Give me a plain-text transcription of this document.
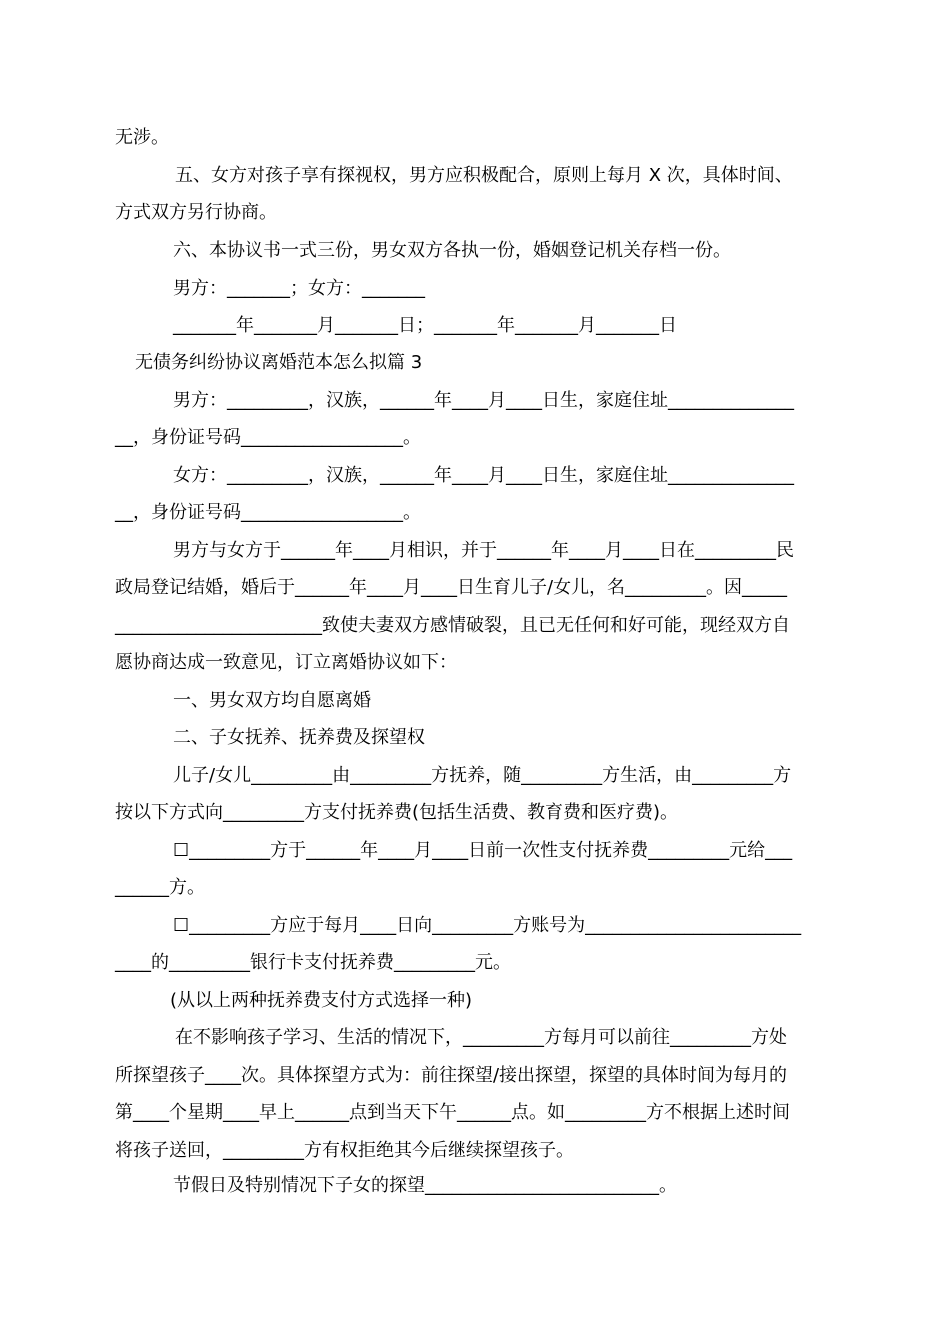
无涉。
五、女方对孩子享有探视权，男方应积极配合，原则上每月 X 次，具体时间、
方式双方另行协商。
六、本协议书一式三份，男女双方各执一份，婚姻登记机关存档一份。
男方：_______；女方：_______
_______年_______月_______日；_______年_______月_______日
无债务纠纷协议离婚范本怎么拟篇 3
男方：_________，汉族，______年____月____日生，家庭住址______________
__，身份证号码__________________。
女方：_________，汉族，______年____月____日生，家庭住址______________
__，身份证号码__________________。
男方与女方于______年____月相识，并于______年____月____日在_________民
政局登记结婚，婚后于______年____月____日生育儿子/女儿，名_________。因_____
_______________________致使夫妻双方感情破裂，且已无任何和好可能，现经双方自
愿协商达成一致意见，订立离婚协议如下：
一、男女双方均自愿离婚
二、子女抚养、抚养费及探望权
儿子/女儿_________由_________方抚养，随_________方生活，由_________方
按以下方式向_________方支付抚养费(包括生活费、教育费和医疗费)。
☐_________方于______年____月____日前一次性支付抚养费_________元给___
______方。
☐_________方应于每月____日向_________方账号为________________________
____的_________银行卡支付抚养费_________元。
(从以上两种抚养费支付方式选择一种)
在不影响孩子学习、生活的情况下，_________方每月可以前往_________方处
所探望孩子____次。具体探望方式为：前往探望/接出探望，探望的具体时间为每月的
第____个星期____早上______点到当天下午______点。如_________方不根据上述时间
将孩子送回，_________方有权拒绝其今后继续探望孩子。
节假日及特别情况下子女的探望__________________________。
